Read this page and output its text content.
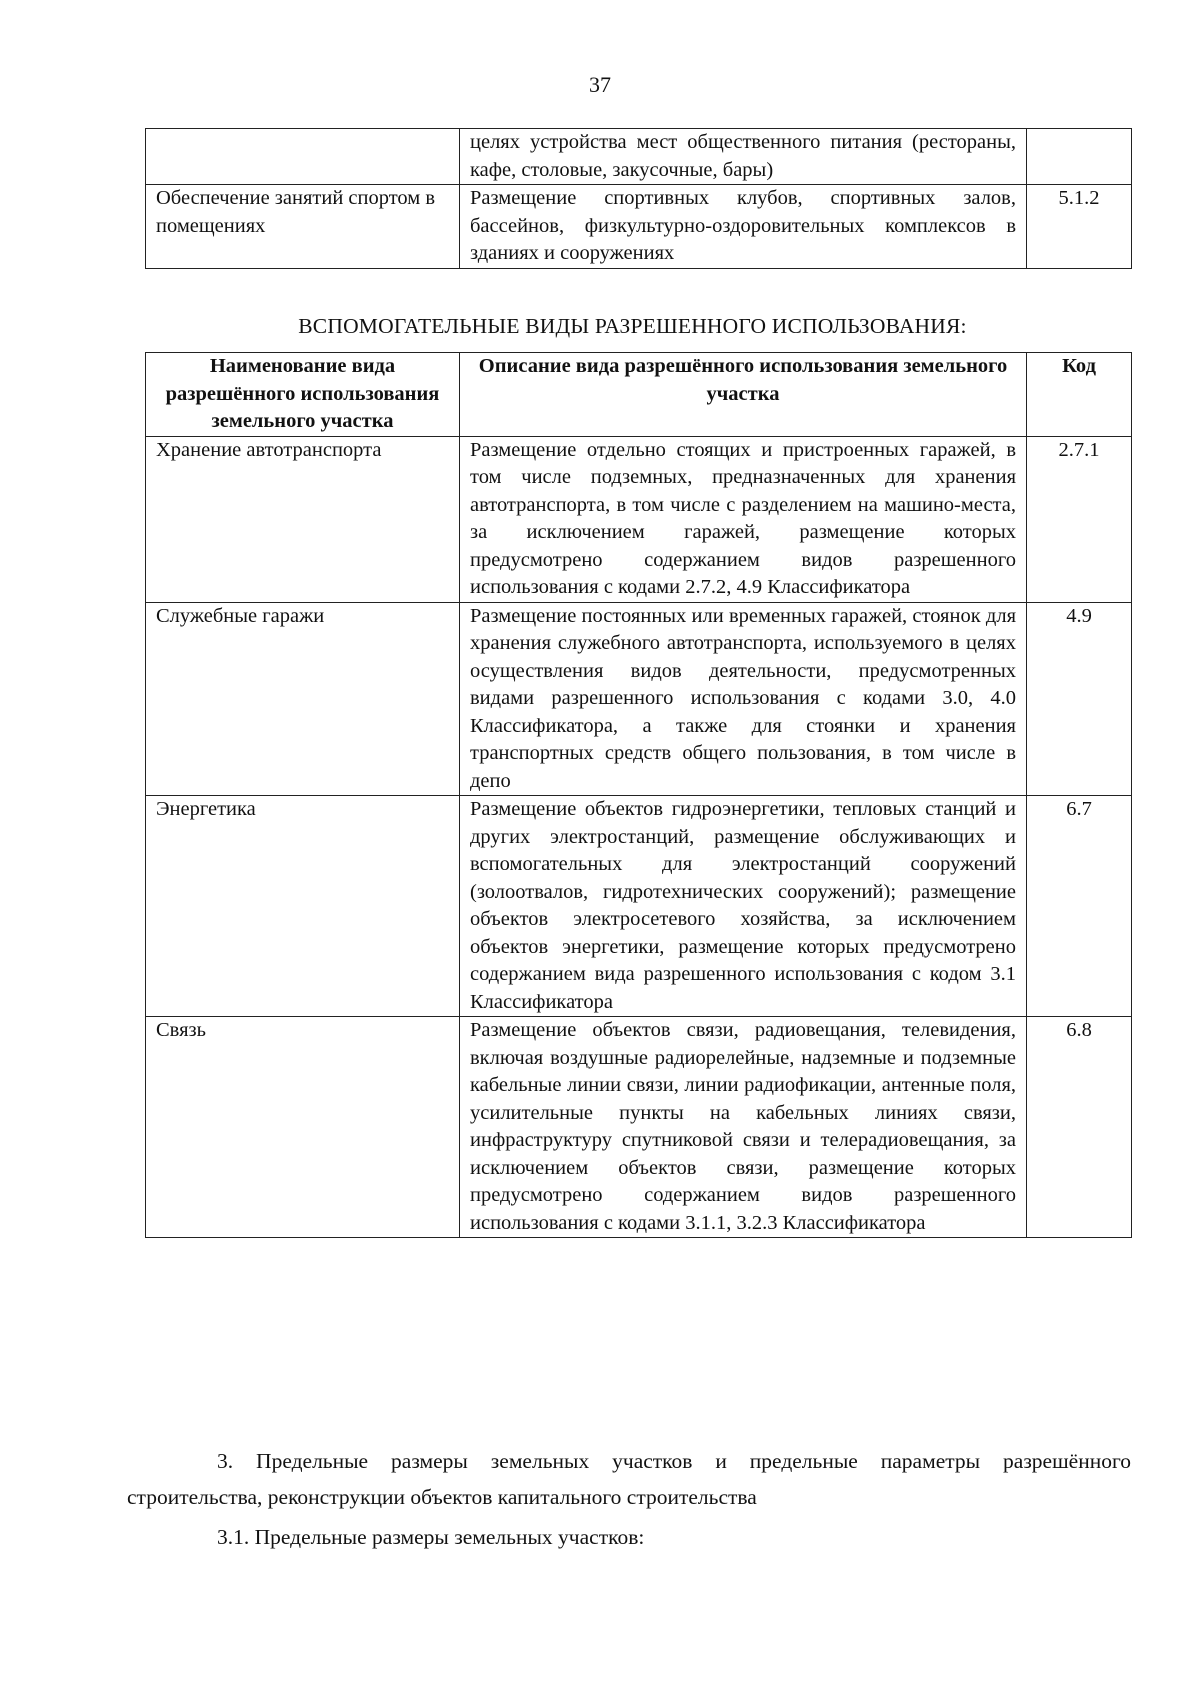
37
	целях устройства мест общественного питания (рестораны, кафе, столовые, закусочные, бары)	
Обеспечение занятий спортом в помещениях	Размещение спортивных клубов, спортивных залов, бассейнов, физкультурно-оздоровительных комплексов в зданиях и сооружениях	5.1.2
ВСПОМОГАТЕЛЬНЫЕ ВИДЫ РАЗРЕШЕННОГО ИСПОЛЬЗОВАНИЯ:
Наименование вида разрешённого использования земельного участка	Описание вида разрешённого использования земельного участка	Код
Хранение автотранспорта	Размещение отдельно стоящих и пристроенных гаражей, в том числе подземных, предназначенных для хранения автотранспорта, в том числе с разделением на машино-места, за исключением гаражей, размещение которых предусмотрено содержанием видов разрешенного использования с кодами 2.7.2, 4.9 Классификатора	2.7.1
Служебные гаражи	Размещение постоянных или временных гаражей, стоянок для хранения служебного автотранспорта, используемого в целях осуществления видов деятельности, предусмотренных видами разрешенного использования с кодами 3.0, 4.0 Классификатора, а также для стоянки и хранения транспортных средств общего пользования, в том числе в депо	4.9
Энергетика	Размещение объектов гидроэнергетики, тепловых станций и других электростанций, размещение обслуживающих и вспомогательных для электростанций сооружений (золоотвалов, гидротехнических сооружений); размещение объектов электросетевого хозяйства, за исключением объектов энергетики, размещение которых предусмотрено содержанием вида разрешенного использования с кодом 3.1 Классификатора	6.7
Связь	Размещение объектов связи, радиовещания, телевидения, включая воздушные радиорелейные, надземные и подземные кабельные линии связи, линии радиофикации, антенные поля, усилительные пункты на кабельных линиях связи, инфраструктуру спутниковой связи и телерадиовещания, за исключением объектов связи, размещение которых предусмотрено содержанием видов разрешенного использования с кодами 3.1.1, 3.2.3 Классификатора	6.8
3. Предельные размеры земельных участков и предельные параметры разрешённого строительства, реконструкции объектов капитального строительства
3.1. Предельные размеры земельных участков:
